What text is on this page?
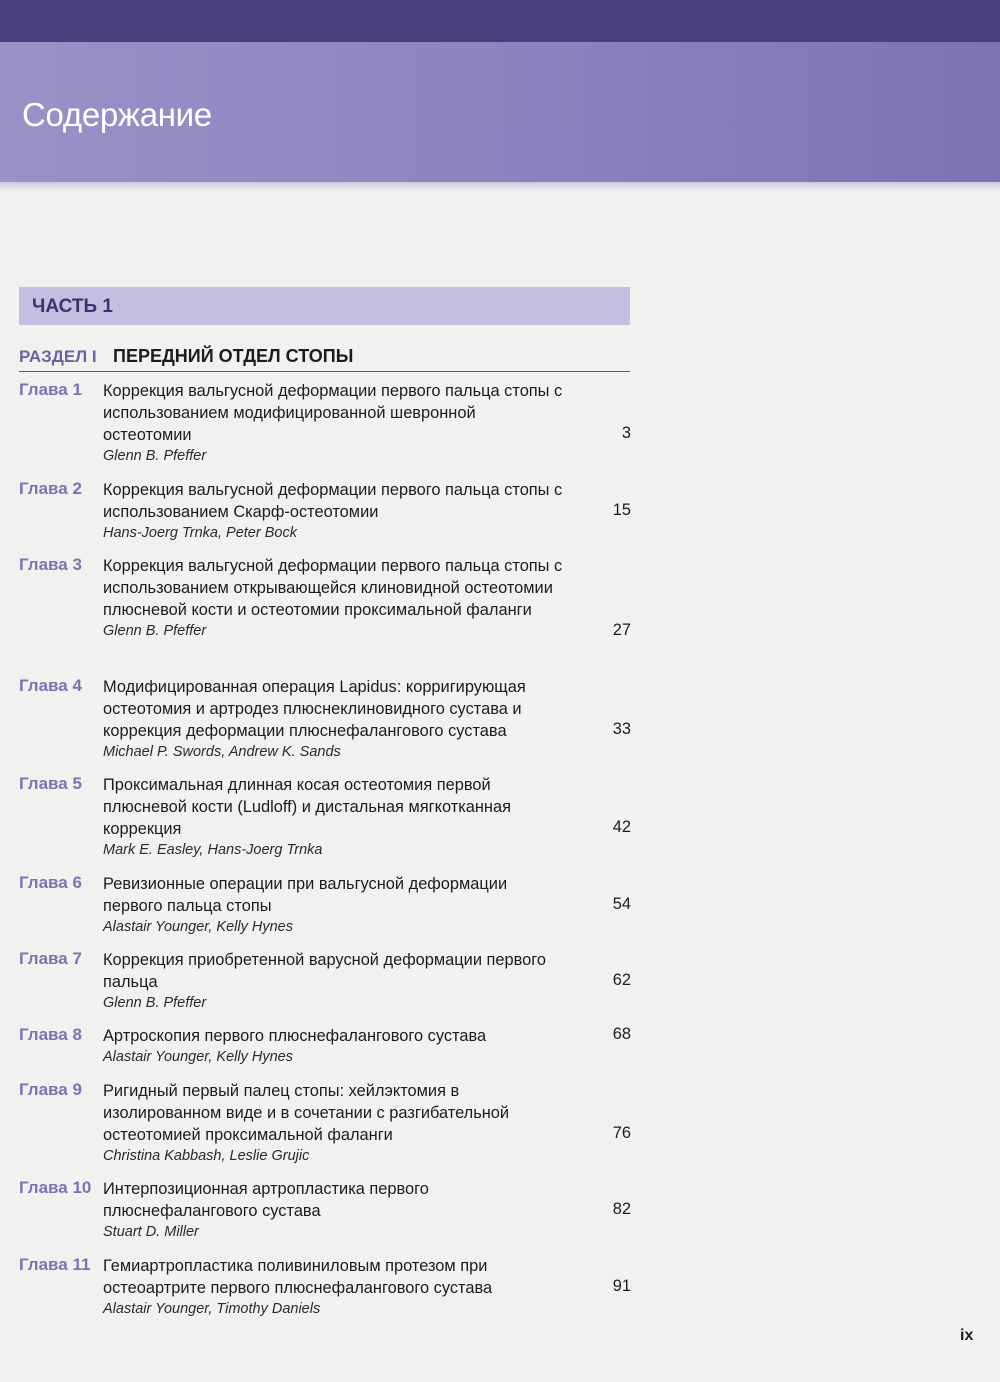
Содержание
ЧАСТЬ 1
РАЗДЕЛ I ПЕРЕДНИЙ ОТДЕЛ СТОПЫ
Глава 1 Коррекция вальгусной деформации первого пальца стопы с использованием модифицированной шевронной остеотомии
Glenn B. Pfeffer
3
Глава 2 Коррекция вальгусной деформации первого пальца стопы с использованием Скарф-остеотомии
Hans-Joerg Trnka, Peter Bock
15
Глава 3 Коррекция вальгусной деформации первого пальца стопы с использованием открывающейся клиновидной остеотомии плюсневой кости и остеотомии проксимальной фаланги
Glenn B. Pfeffer	27
Глава 4 Модифицированная операция Lapidus: корригирующая остеотомия и артродез плюснеклиновидного сустава и коррекция деформации плюснефалангового сустава
Michael P. Swords, Andrew K. Sands
33
Глава 5 Проксимальная длинная косая остеотомия первой плюсневой кости (Ludloff) и дистальная мягкотканная коррекция
Mark E. Easley, Hans-Joerg Trnka
42
Глава 6 Ревизионные операции при вальгусной деформации первого пальца стопы
Alastair Younger, Kelly Hynes
54
Глава 7 Коррекция приобретенной варусной деформации первого пальца
Glenn B. Pfeffer
62
Глава 8 Артроскопия первого плюснефалангового сустава
Alastair Younger, Kelly Hynes
68
Глава 9 Ригидный первый палец стопы: хейлэктомия в изолированном виде и в сочетании с разгибательной остеотомией проксимальной фаланги
Christina Kabbash, Leslie Grujic
76
Глава 10 Интерпозиционная артропластика первого плюснефалангового сустава
Stuart D. Miller
82
Глава 11 Гемиартропластика поливиниловым протезом при остеоартрите первого плюснефалангового сустава
Alastair Younger, Timothy Daniels
91
ix
